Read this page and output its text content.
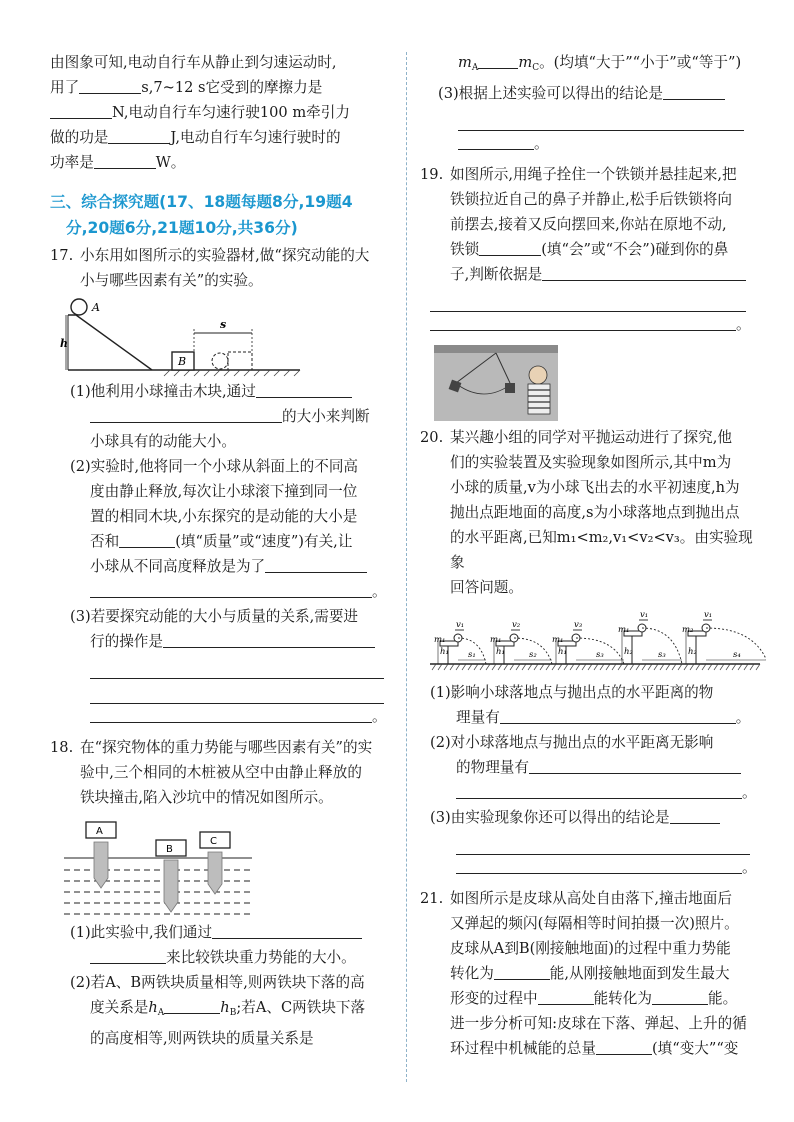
由图象可知,电动自行车从静止到匀速运动时,

用了	s,7~12 s它受到的摩擦力是

N,电动自行车匀速行驶100 m牵引力

做的功是	J,电动自行车匀速行驶时的

功率是	W。

三、综合探究题(17、18题每题8分,19题4
分,20题6分,21题10分,共36分)

17. 小东用如图所示的实验器材,做“探究动能的大

小与哪些因素有关”的实验。

A
h
B
s

(1)他利用小球撞击木块,通过

的大小来判断

小球具有的动能大小。

(2)实验时,他将同一个小球从斜面上的不同高

度由静止释放,每次让小球滚下撞到同一位

置的相同木块,小东探究的是动能的大小是

否和	(填“质量”或“速度”)有关,让

小球从不同高度释放是为了

。

(3)若要探究动能的大小与质量的关系,需要进

行的操作是

。

18. 在“探究物体的重力势能与哪些因素有关”的实

验中,三个相同的木桩被从空中由静止释放的

铁块撞击,陷入沙坑中的情况如图所示。

A
B
C

(1)此实验中,我们通过

来比较铁块重力势能的大小。

(2)若A、B两铁块质量相等,则两铁块下落的高

度关系是$h_A$	$h_B$;若A、C两铁块下落

的高度相等,则两铁块的质量关系是

$m_A$	$m_C$。(均填“大于”“小于”或“等于”)

(3)根据上述实验可以得出的结论是

。

19. 如图所示,用绳子拴住一个铁锁并悬挂起来,把

铁锁拉近自己的鼻子并静止,松手后铁锁将向

前摆去,接着又反向摆回来,你站在原地不动,

铁锁	(填“会”或“不会”)碰到你的鼻

子,判断依据是

。

20. 某兴趣小组的同学对平抛运动进行了探究,他

们的实验装置及实验现象如图所示,其中m为

小球的质量,v为小球飞出去的水平初速度,h为

抛出点距地面的高度,s为小球落地点到抛出点

的水平距离,已知m₁<m₂,v₁<v₂<v₃。由实验现象

回答问题。

v₁
m₁
h₁ s₁
v₂
m₁
h₁	s₂
v₃
m₁
h₁	s₃
v₁
m₁
h₂	s₃
v₁
m₂
h₂	s₄

(1)影响小球落地点与抛出点的水平距离的物

理量有	。

(2)对小球落地点与抛出点的水平距离无影响

的物理量有

。

(3)由实验现象你还可以得出的结论是

。

21. 如图所示是皮球从高处自由落下,撞击地面后

又弹起的频闪(每隔相等时间拍摄一次)照片。

皮球从A到B(刚接触地面)的过程中重力势能

转化为	能,从刚接触地面到发生最大

形变的过程中	能转化为	能。

进一步分析可知:皮球在下落、弹起、上升的循

环过程中机械能的总量	(填“变大”“变
